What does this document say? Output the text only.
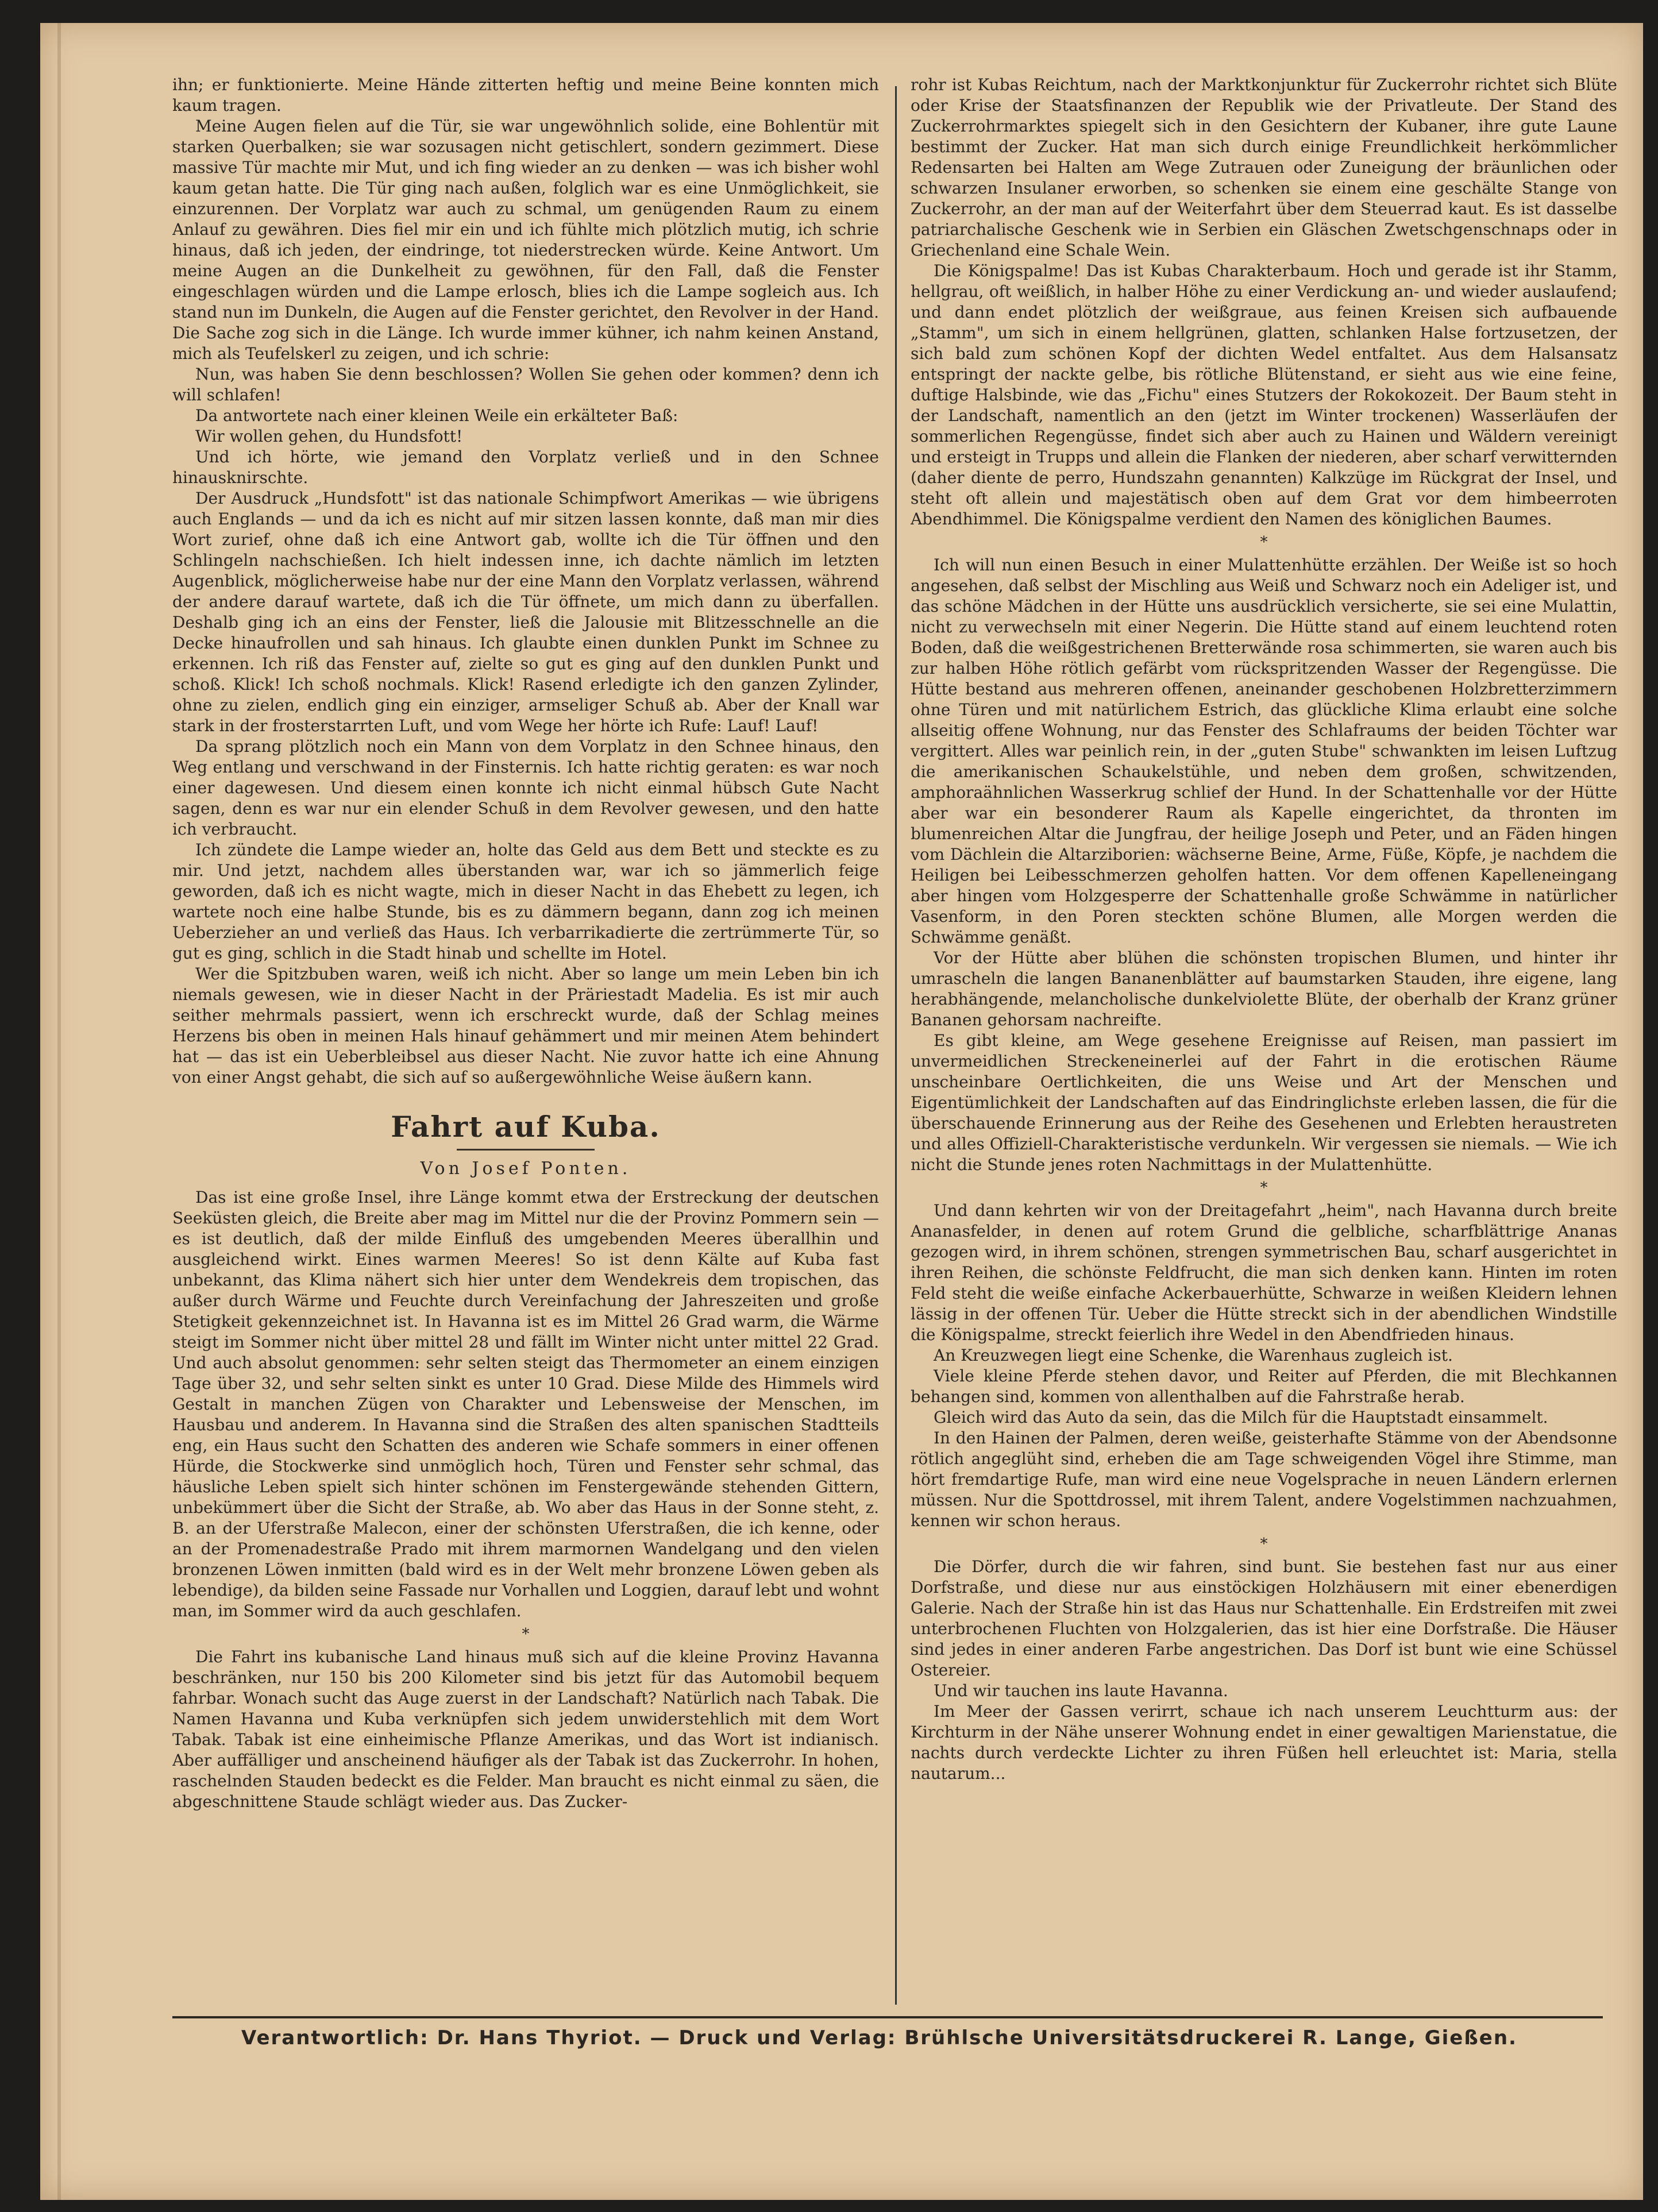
ihn; er funktionierte. Meine Hände zitterten heftig und meine Beine konnten mich kaum tragen.

Meine Augen fielen auf die Tür, sie war ungewöhnlich solide, eine Bohlentür mit starken Querbalken; sie war sozusagen nicht getischlert, sondern gezimmert. Diese massive Tür machte mir Mut, und ich fing wieder an zu denken — was ich bisher wohl kaum getan hatte. Die Tür ging nach außen, folglich war es eine Unmöglichkeit, sie einzurennen. Der Vorplatz war auch zu schmal, um genügenden Raum zu einem Anlauf zu gewähren. Dies fiel mir ein und ich fühlte mich plötzlich mutig, ich schrie hinaus, daß ich jeden, der eindringe, tot niederstrecken würde. Keine Antwort. Um meine Augen an die Dunkelheit zu gewöhnen, für den Fall, daß die Fenster eingeschlagen würden und die Lampe erlosch, blies ich die Lampe sogleich aus. Ich stand nun im Dunkeln, die Augen auf die Fenster gerichtet, den Revolver in der Hand. Die Sache zog sich in die Länge. Ich wurde immer kühner, ich nahm keinen Anstand, mich als Teufelskerl zu zeigen, und ich schrie:

Nun, was haben Sie denn beschlossen? Wollen Sie gehen oder kommen? denn ich will schlafen!

Da antwortete nach einer kleinen Weile ein erkälteter Baß:

Wir wollen gehen, du Hundsfott!

Und ich hörte, wie jemand den Vorplatz verließ und in den Schnee hinausknirschte.

Der Ausdruck „Hundsfott" ist das nationale Schimpfwort Amerikas — wie übrigens auch Englands — und da ich es nicht auf mir sitzen lassen konnte, daß man mir dies Wort zurief, ohne daß ich eine Antwort gab, wollte ich die Tür öffnen und den Schlingeln nachschießen. Ich hielt indessen inne, ich dachte nämlich im letzten Augenblick, möglicherweise habe nur der eine Mann den Vorplatz verlassen, während der andere darauf wartete, daß ich die Tür öffnete, um mich dann zu überfallen. Deshalb ging ich an eins der Fenster, ließ die Jalousie mit Blitzesschnelle an die Decke hinaufrollen und sah hinaus. Ich glaubte einen dunklen Punkt im Schnee zu erkennen. Ich riß das Fenster auf, zielte so gut es ging auf den dunklen Punkt und schoß. Klick! Ich schoß nochmals. Klick! Rasend erledigte ich den ganzen Zylinder, ohne zu zielen, endlich ging ein einziger, armseliger Schuß ab. Aber der Knall war stark in der frosterstarrten Luft, und vom Wege her hörte ich Rufe: Lauf! Lauf!

Da sprang plötzlich noch ein Mann von dem Vorplatz in den Schnee hinaus, den Weg entlang und verschwand in der Finsternis. Ich hatte richtig geraten: es war noch einer dagewesen. Und diesem einen konnte ich nicht einmal hübsch Gute Nacht sagen, denn es war nur ein elender Schuß in dem Revolver gewesen, und den hatte ich verbraucht.

Ich zündete die Lampe wieder an, holte das Geld aus dem Bett und steckte es zu mir. Und jetzt, nachdem alles überstanden war, war ich so jämmerlich feige geworden, daß ich es nicht wagte, mich in dieser Nacht in das Ehebett zu legen, ich wartete noch eine halbe Stunde, bis es zu dämmern begann, dann zog ich meinen Ueberzieher an und verließ das Haus. Ich verbarrikadierte die zertrümmerte Tür, so gut es ging, schlich in die Stadt hinab und schellte im Hotel.

Wer die Spitzbuben waren, weiß ich nicht. Aber so lange um mein Leben bin ich niemals gewesen, wie in dieser Nacht in der Präriestadt Madelia. Es ist mir auch seither mehrmals passiert, wenn ich erschreckt wurde, daß der Schlag meines Herzens bis oben in meinen Hals hinauf gehämmert und mir meinen Atem behindert hat — das ist ein Ueberbleibsel aus dieser Nacht. Nie zuvor hatte ich eine Ahnung von einer Angst gehabt, die sich auf so außergewöhnliche Weise äußern kann.

Fahrt auf Kuba.
Von Josef Ponten.

Das ist eine große Insel, ihre Länge kommt etwa der Erstreckung der deutschen Seeküsten gleich, die Breite aber mag im Mittel nur die der Provinz Pommern sein — es ist deutlich, daß der milde Einfluß des umgebenden Meeres überallhin und ausgleichend wirkt. Eines warmen Meeres! So ist denn Kälte auf Kuba fast unbekannt, das Klima nähert sich hier unter dem Wendekreis dem tropischen, das außer durch Wärme und Feuchte durch Vereinfachung der Jahreszeiten und große Stetigkeit gekennzeichnet ist. In Havanna ist es im Mittel 26 Grad warm, die Wärme steigt im Sommer nicht über mittel 28 und fällt im Winter nicht unter mittel 22 Grad. Und auch absolut genommen: sehr selten steigt das Thermometer an einem einzigen Tage über 32, und sehr selten sinkt es unter 10 Grad. Diese Milde des Himmels wird Gestalt in manchen Zügen von Charakter und Lebensweise der Menschen, im Hausbau und anderem. In Havanna sind die Straßen des alten spanischen Stadtteils eng, ein Haus sucht den Schatten des anderen wie Schafe sommers in einer offenen Hürde, die Stockwerke sind unmöglich hoch, Türen und Fenster sehr schmal, das häusliche Leben spielt sich hinter schönen im Fenstergewände stehenden Gittern, unbekümmert über die Sicht der Straße, ab. Wo aber das Haus in der Sonne steht, z. B. an der Uferstraße Malecon, einer der schönsten Uferstraßen, die ich kenne, oder an der Promenadestraße Prado mit ihrem marmornen Wandelgang und den vielen bronzenen Löwen inmitten (bald wird es in der Welt mehr bronzene Löwen geben als lebendige), da bilden seine Fassade nur Vorhallen und Loggien, darauf lebt und wohnt man, im Sommer wird da auch geschlafen.

*

Die Fahrt ins kubanische Land hinaus muß sich auf die kleine Provinz Havanna beschränken, nur 150 bis 200 Kilometer sind bis jetzt für das Automobil bequem fahrbar. Wonach sucht das Auge zuerst in der Landschaft? Natürlich nach Tabak. Die Namen Havanna und Kuba verknüpfen sich jedem unwiderstehlich mit dem Wort Tabak. Tabak ist eine einheimische Pflanze Amerikas, und das Wort ist indianisch. Aber auffälliger und anscheinend häufiger als der Tabak ist das Zuckerrohr. In hohen, raschelnden Stauden bedeckt es die Felder. Man braucht es nicht einmal zu säen, die abgeschnittene Staude schlägt wieder aus. Das Zucker-

rohr ist Kubas Reichtum, nach der Marktkonjunktur für Zuckerrohr richtet sich Blüte oder Krise der Staatsfinanzen der Republik wie der Privatleute. Der Stand des Zuckerrohrmarktes spiegelt sich in den Gesichtern der Kubaner, ihre gute Laune bestimmt der Zucker. Hat man sich durch einige Freundlichkeit herkömmlicher Redensarten bei Halten am Wege Zutrauen oder Zuneigung der bräunlichen oder schwarzen Insulaner erworben, so schenken sie einem eine geschälte Stange von Zuckerrohr, an der man auf der Weiterfahrt über dem Steuerrad kaut. Es ist dasselbe patriarchalische Geschenk wie in Serbien ein Gläschen Zwetschgenschnaps oder in Griechenland eine Schale Wein.

Die Königspalme! Das ist Kubas Charakterbaum. Hoch und gerade ist ihr Stamm, hellgrau, oft weißlich, in halber Höhe zu einer Verdickung an- und wieder auslaufend; und dann endet plötzlich der weißgraue, aus feinen Kreisen sich aufbauende „Stamm", um sich in einem hellgrünen, glatten, schlanken Halse fortzusetzen, der sich bald zum schönen Kopf der dichten Wedel entfaltet. Aus dem Halsansatz entspringt der nackte gelbe, bis rötliche Blütenstand, er sieht aus wie eine feine, duftige Halsbinde, wie das „Fichu" eines Stutzers der Rokokozeit. Der Baum steht in der Landschaft, namentlich an den (jetzt im Winter trockenen) Wasserläufen der sommerlichen Regengüsse, findet sich aber auch zu Hainen und Wäldern vereinigt und ersteigt in Trupps und allein die Flanken der niederen, aber scharf verwitternden (daher diente de perro, Hundszahn genannten) Kalkzüge im Rückgrat der Insel, und steht oft allein und majestätisch oben auf dem Grat vor dem himbeerroten Abendhimmel. Die Königspalme verdient den Namen des königlichen Baumes.

*

Ich will nun einen Besuch in einer Mulattenhütte erzählen. Der Weiße ist so hoch angesehen, daß selbst der Mischling aus Weiß und Schwarz noch ein Adeliger ist, und das schöne Mädchen in der Hütte uns ausdrücklich versicherte, sie sei eine Mulattin, nicht zu verwechseln mit einer Negerin. Die Hütte stand auf einem leuchtend roten Boden, daß die weißgestrichenen Bretterwände rosa schimmerten, sie waren auch bis zur halben Höhe rötlich gefärbt vom rückspritzenden Wasser der Regengüsse. Die Hütte bestand aus mehreren offenen, aneinander geschobenen Holzbretterzimmern ohne Türen und mit natürlichem Estrich, das glückliche Klima erlaubt eine solche allseitig offene Wohnung, nur das Fenster des Schlafraums der beiden Töchter war vergittert. Alles war peinlich rein, in der „guten Stube" schwankten im leisen Luftzug die amerikanischen Schaukelstühle, und neben dem großen, schwitzenden, amphoraähnlichen Wasserkrug schlief der Hund. In der Schattenhalle vor der Hütte aber war ein besonderer Raum als Kapelle eingerichtet, da thronten im blumenreichen Altar die Jungfrau, der heilige Joseph und Peter, und an Fäden hingen vom Dächlein die Altarziborien: wächserne Beine, Arme, Füße, Köpfe, je nachdem die Heiligen bei Leibesschmerzen geholfen hatten. Vor dem offenen Kapelleneingang aber hingen vom Holzgesperre der Schattenhalle große Schwämme in natürlicher Vasenform, in den Poren steckten schöne Blumen, alle Morgen werden die Schwämme genäßt.

Vor der Hütte aber blühen die schönsten tropischen Blumen, und hinter ihr umrascheln die langen Bananenblätter auf baumstarken Stauden, ihre eigene, lang herabhängende, melancholische dunkelviolette Blüte, der oberhalb der Kranz grüner Bananen gehorsam nachreifte.

Es gibt kleine, am Wege gesehene Ereignisse auf Reisen, man passiert im unvermeidlichen Streckeneinerlei auf der Fahrt in die erotischen Räume unscheinbare Oertlichkeiten, die uns Weise und Art der Menschen und Eigentümlichkeit der Landschaften auf das Eindringlichste erleben lassen, die für die überschauende Erinnerung aus der Reihe des Gesehenen und Erlebten heraustreten und alles Offiziell-Charakteristische verdunkeln. Wir vergessen sie niemals. — Wie ich nicht die Stunde jenes roten Nachmittags in der Mulattenhütte.

*

Und dann kehrten wir von der Dreitagefahrt „heim", nach Havanna durch breite Ananasfelder, in denen auf rotem Grund die gelbliche, scharfblättrige Ananas gezogen wird, in ihrem schönen, strengen symmetrischen Bau, scharf ausgerichtet in ihren Reihen, die schönste Feldfrucht, die man sich denken kann. Hinten im roten Feld steht die weiße einfache Ackerbauerhütte, Schwarze in weißen Kleidern lehnen lässig in der offenen Tür. Ueber die Hütte streckt sich in der abendlichen Windstille die Königspalme, streckt feierlich ihre Wedel in den Abendfrieden hinaus.

An Kreuzwegen liegt eine Schenke, die Warenhaus zugleich ist.

Viele kleine Pferde stehen davor, und Reiter auf Pferden, die mit Blechkannen behangen sind, kommen von allenthalben auf die Fahrstraße herab.

Gleich wird das Auto da sein, das die Milch für die Hauptstadt einsammelt.

In den Hainen der Palmen, deren weiße, geisterhafte Stämme von der Abendsonne rötlich angeglüht sind, erheben die am Tage schweigenden Vögel ihre Stimme, man hört fremdartige Rufe, man wird eine neue Vogelsprache in neuen Ländern erlernen müssen. Nur die Spottdrossel, mit ihrem Talent, andere Vogelstimmen nachzuahmen, kennen wir schon heraus.

*

Die Dörfer, durch die wir fahren, sind bunt. Sie bestehen fast nur aus einer Dorfstraße, und diese nur aus einstöckigen Holzhäusern mit einer ebenerdigen Galerie. Nach der Straße hin ist das Haus nur Schattenhalle. Ein Erdstreifen mit zwei unterbrochenen Fluchten von Holzgalerien, das ist hier eine Dorfstraße. Die Häuser sind jedes in einer anderen Farbe angestrichen. Das Dorf ist bunt wie eine Schüssel Ostereier.

Und wir tauchen ins laute Havanna.

Im Meer der Gassen verirrt, schaue ich nach unserem Leuchtturm aus: der Kirchturm in der Nähe unserer Wohnung endet in einer gewaltigen Marienstatue, die nachts durch verdeckte Lichter zu ihren Füßen hell erleuchtet ist: Maria, stella nautarum...

Verantwortlich: Dr. Hans Thyriot. — Druck und Verlag: Brühlsche Universitätsdruckerei R. Lange, Gießen.
